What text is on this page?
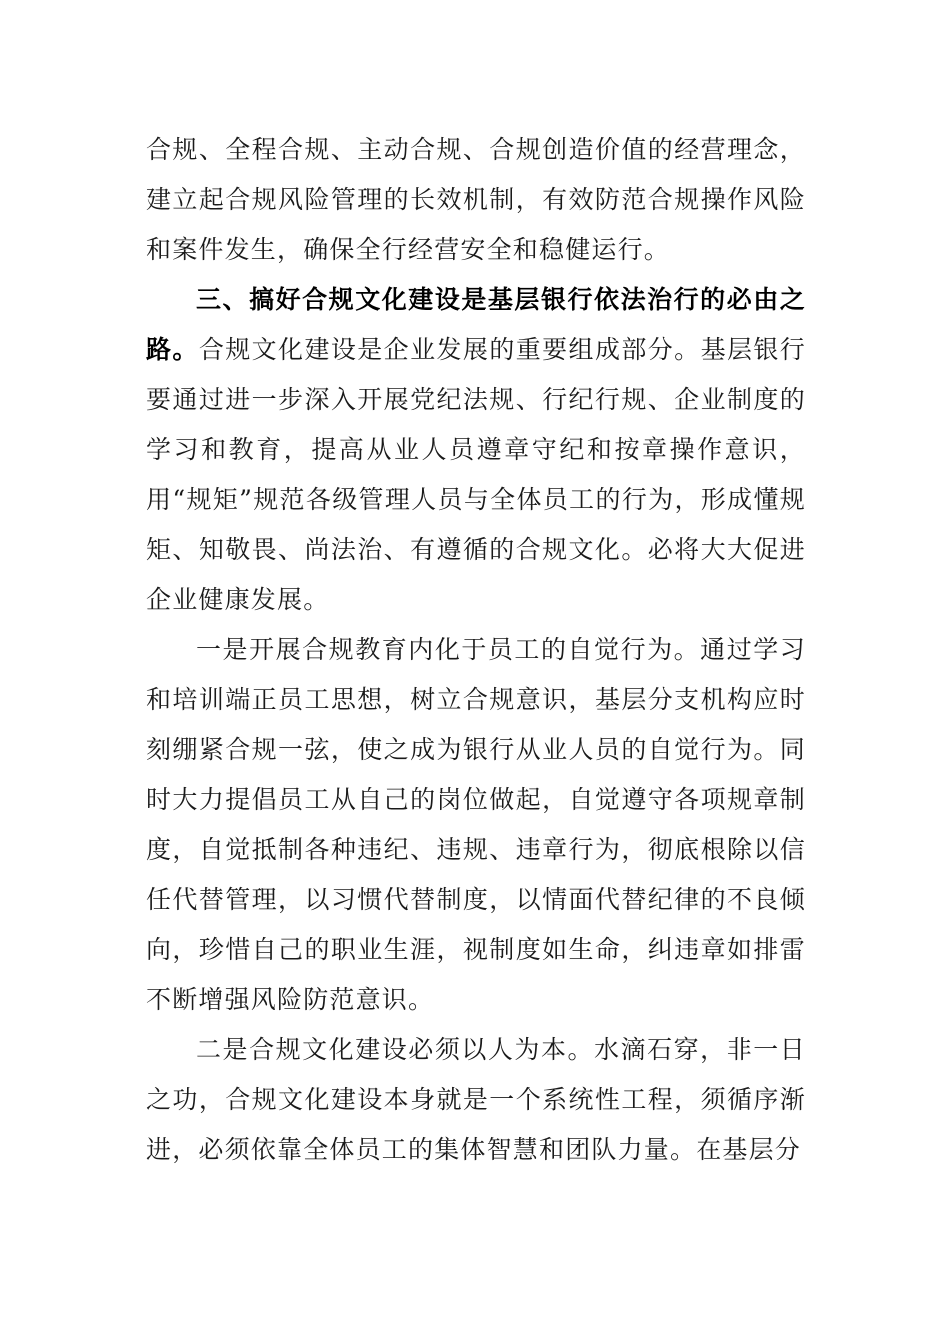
合规、全程合规、主动合规、合规创造价值的经营理念，建立起合规风险管理的长效机制，有效防范合规操作风险和案件发生，确保全行经营安全和稳健运行。

三、搞好合规文化建设是基层银行依法治行的必由之路。合规文化建设是企业发展的重要组成部分。基层银行要通过进一步深入开展党纪法规、行纪行规、企业制度的学习和教育，提高从业人员遵章守纪和按章操作意识，用“规矩”规范各级管理人员与全体员工的行为，形成懂规矩、知敬畏、尚法治、有遵循的合规文化。必将大大促进企业健康发展。

一是开展合规教育内化于员工的自觉行为。通过学习和培训端正员工思想，树立合规意识，基层分支机构应时刻绷紧合规一弦，使之成为银行从业人员的自觉行为。同时大力提倡员工从自己的岗位做起，自觉遵守各项规章制度，自觉抵制各种违纪、违规、违章行为，彻底根除以信任代替管理，以习惯代替制度，以情面代替纪律的不良倾向，珍惜自己的职业生涯，视制度如生命，纠违章如排雷不断增强风险防范意识。

二是合规文化建设必须以人为本。水滴石穿，非一日之功，合规文化建设本身就是一个系统性工程，须循序渐进，必须依靠全体员工的集体智慧和团队力量。在基层分
